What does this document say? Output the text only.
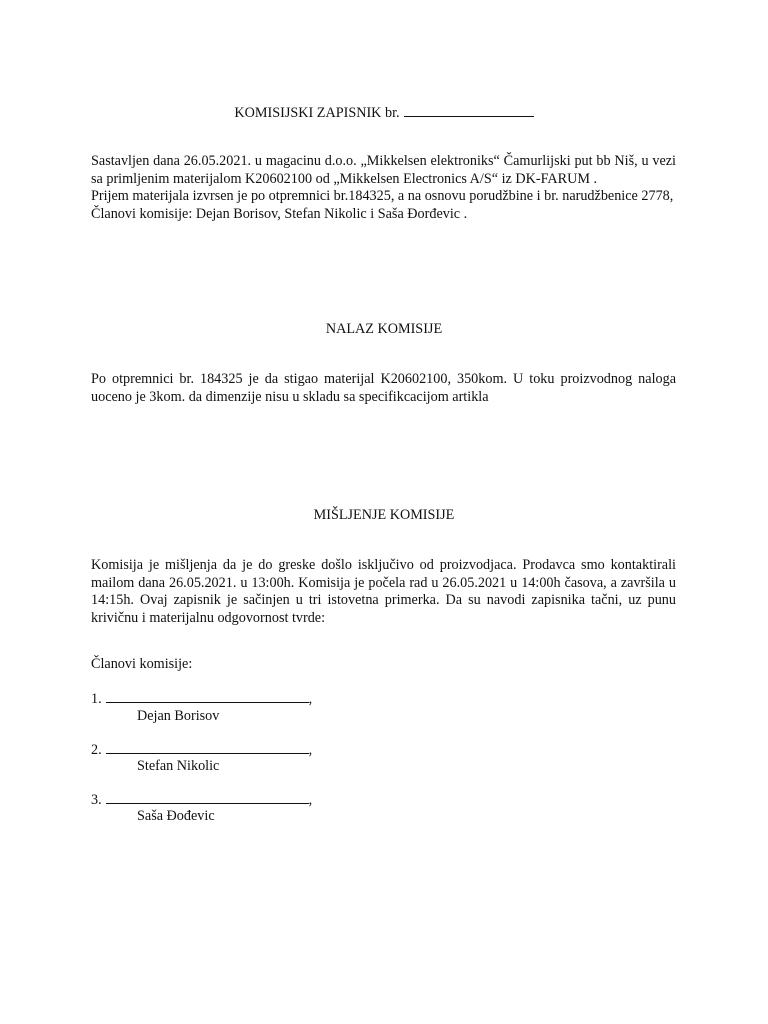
KOMISIJSKI ZAPISNIK br.

Sastavljen dana 26.05.2021. u magacinu d.o.o. „Mikkelsen elektroniks“ Čamurlijski put bb Niš, u vezi sa primljenim materijalom K20602100 od „Mikkelsen Electronics A/S“ iz DK-FARUM .

Prijem materijala izvrsen je po otpremnici br.184325, a na osnovu porudžbine i br. narudžbenice 2778,

Članovi komisije: Dejan Borisov, Stefan Nikolic i Saša Đorđevic .

NALAZ KOMISIJE

Po otpremnici br. 184325 je da stigao materijal K20602100, 350kom. U toku proizvodnog naloga uoceno je 3kom. da dimenzije nisu u skladu sa specifikcacijom artikla

MIŠLJENJE KOMISIJE

Komisija je mišljenja da je do greske došlo isključivo od proizvodjaca. Prodavca smo kontaktirali mailom dana 26.05.2021. u 13:00h. Komisija je počela rad u 26.05.2021 u 14:00h časova, a završila u 14:15h. Ovaj zapisnik je sačinjen u tri istovetna primerka. Da su navodi zapisnika tačni, uz punu krivičnu i materijalnu odgovornost tvrde:

Članovi komisije:
1.	,
Dejan Borisov
2.	,
Stefan Nikolic
3.	,
Saša Đođevic
